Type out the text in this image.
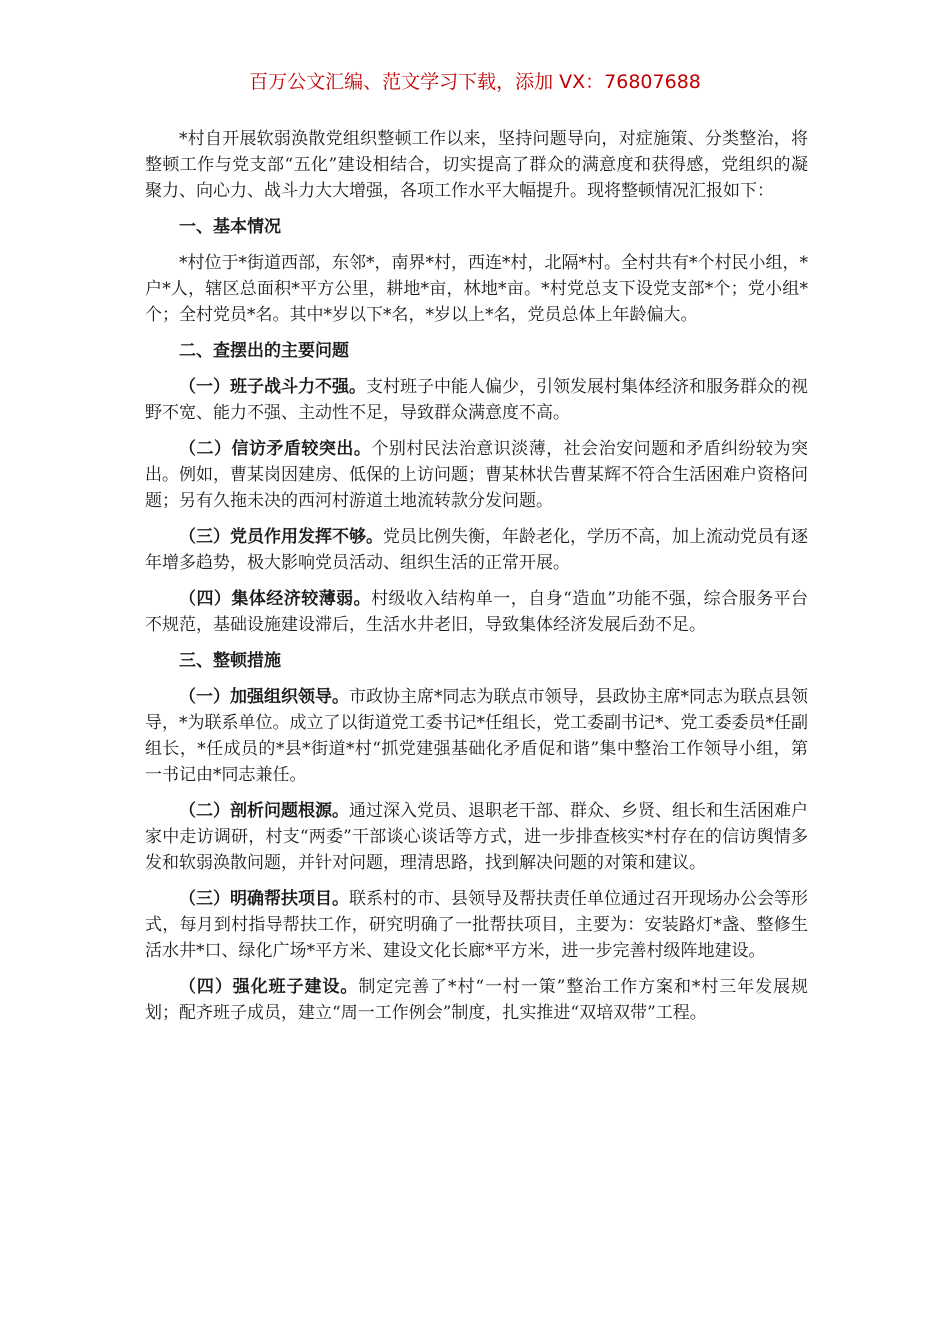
百万公文汇编、范文学习下载，添加 VX：76807688

*村自开展软弱涣散党组织整顿工作以来，坚持问题导向，对症施策、分类整治，将整顿工作与党支部“五化”建设相结合，切实提高了群众的满意度和获得感，党组织的凝聚力、向心力、战斗力大大增强，各项工作水平大幅提升。现将整顿情况汇报如下：

一、基本情况

*村位于*街道西部，东邻*，南界*村，西连*村，北隔*村。全村共有*个村民小组，*户*人，辖区总面积*平方公里，耕地*亩，林地*亩。*村党总支下设党支部*个；党小组*个；全村党员*名。其中*岁以下*名，*岁以上*名，党员总体上年龄偏大。

二、查摆出的主要问题

（一）班子战斗力不强。支村班子中能人偏少，引领发展村集体经济和服务群众的视野不宽、能力不强、主动性不足，导致群众满意度不高。

（二）信访矛盾较突出。个别村民法治意识淡薄，社会治安问题和矛盾纠纷较为突出。例如，曹某岗因建房、低保的上访问题；曹某林状告曹某辉不符合生活困难户资格问题；另有久拖未决的西河村游道土地流转款分发问题。

（三）党员作用发挥不够。党员比例失衡，年龄老化，学历不高，加上流动党员有逐年增多趋势，极大影响党员活动、组织生活的正常开展。

（四）集体经济较薄弱。村级收入结构单一，自身“造血”功能不强，综合服务平台不规范，基础设施建设滞后，生活水井老旧，导致集体经济发展后劲不足。

三、整顿措施

（一）加强组织领导。市政协主席*同志为联点市领导，县政协主席*同志为联点县领导，*为联系单位。成立了以街道党工委书记*任组长，党工委副书记*、党工委委员*任副组长，*任成员的*县*街道*村“抓党建强基础化矛盾促和谐”集中整治工作领导小组，第一书记由*同志兼任。

（二）剖析问题根源。通过深入党员、退职老干部、群众、乡贤、组长和生活困难户家中走访调研，村支“两委”干部谈心谈话等方式，进一步排查核实*村存在的信访舆情多发和软弱涣散问题，并针对问题，理清思路，找到解决问题的对策和建议。

（三）明确帮扶项目。联系村的市、县领导及帮扶责任单位通过召开现场办公会等形式，每月到村指导帮扶工作，研究明确了一批帮扶项目，主要为：安装路灯*盏、整修生活水井*口、绿化广场*平方米、建设文化长廊*平方米，进一步完善村级阵地建设。

（四）强化班子建设。制定完善了*村“一村一策”整治工作方案和*村三年发展规划；配齐班子成员，建立“周一工作例会”制度，扎实推进“双培双带”工程。
